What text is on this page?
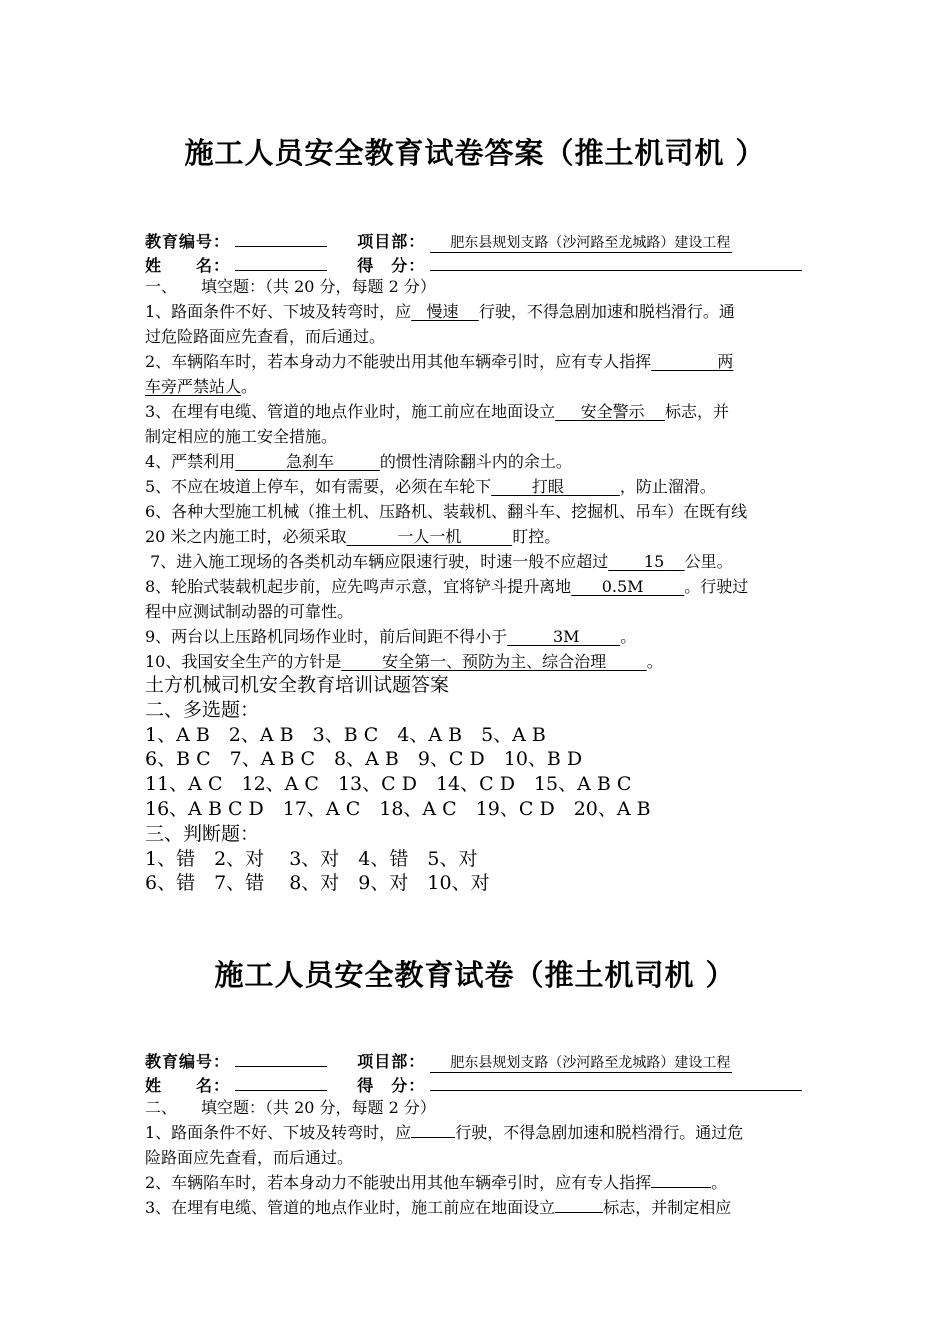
施工人员安全教育试卷答案（推土机司机 ）
教育编号：	项目部： 肥东县规划支路（沙河路至龙城路）建设工程
姓　　名：	得　分：
一、　　填空题：（共 20 分，每题 2 分）
1、路面条件不好、下坡及转弯时，应 慢速 行驶，不得急剧加速和脱档滑行。通
过危险路面应先查看，而后通过。
2、车辆陷车时，若本身动力不能驶出用其他车辆牵引时，应有专人指挥	两
车旁严禁站人。
3、在埋有电缆、管道的地点作业时，施工前应在地面设立 安全警示 标志，并
制定相应的施工安全措施。
4、严禁利用	急刹车	的惯性清除翻斗内的余土。
5、不应在坡道上停车，如有需要，必须在车轮下	打眼	，防止溜滑。
6、各种大型施工机械（推土机、压路机、装载机、翻斗车、挖掘机、吊车）在既有线
20 米之内施工时，必须采取	一人一机	盯控。
7、进入施工现场的各类机动车辆应限速行驶，时速一般不应超过 15 公里。
8、轮胎式装载机起步前，应先鸣声示意，宜将铲斗提升离地 0.5M	。行驶过
程中应测试制动器的可靠性。
9、两台以上压路机同场作业时，前后间距不得小于	3M	。
10、我国安全生产的方针是	安全第一、预防为主、综合治理	。
土方机械司机安全教育培训试题答案
二、多选题：
1、A B　2、A B　3、B C　4、A B　5、A B
6、B C　7、A B C　8、A B　9、C D　10、B D
11、A C　12、A C　13、C D　14、C D　15、A B C
16、A B C D　17、A C　18、A C　19、C D　20、A B
三、判断题：
1、错　2、对　 3、对　4、错　5、对
6、错　7、错　 8、对　9、对　10、对
施工人员安全教育试卷（推土机司机 ）
教育编号：	项目部： 肥东县规划支路（沙河路至龙城路）建设工程
姓　　名：	得　分：
二、　　填空题：（共 20 分，每题 2 分）
1、路面条件不好、下坡及转弯时，应	行驶，不得急剧加速和脱档滑行。通过危
险路面应先查看，而后通过。
2、车辆陷车时，若本身动力不能驶出用其他车辆牵引时，应有专人指挥	。
3、在埋有电缆、管道的地点作业时，施工前应在地面设立	标志，并制定相应
